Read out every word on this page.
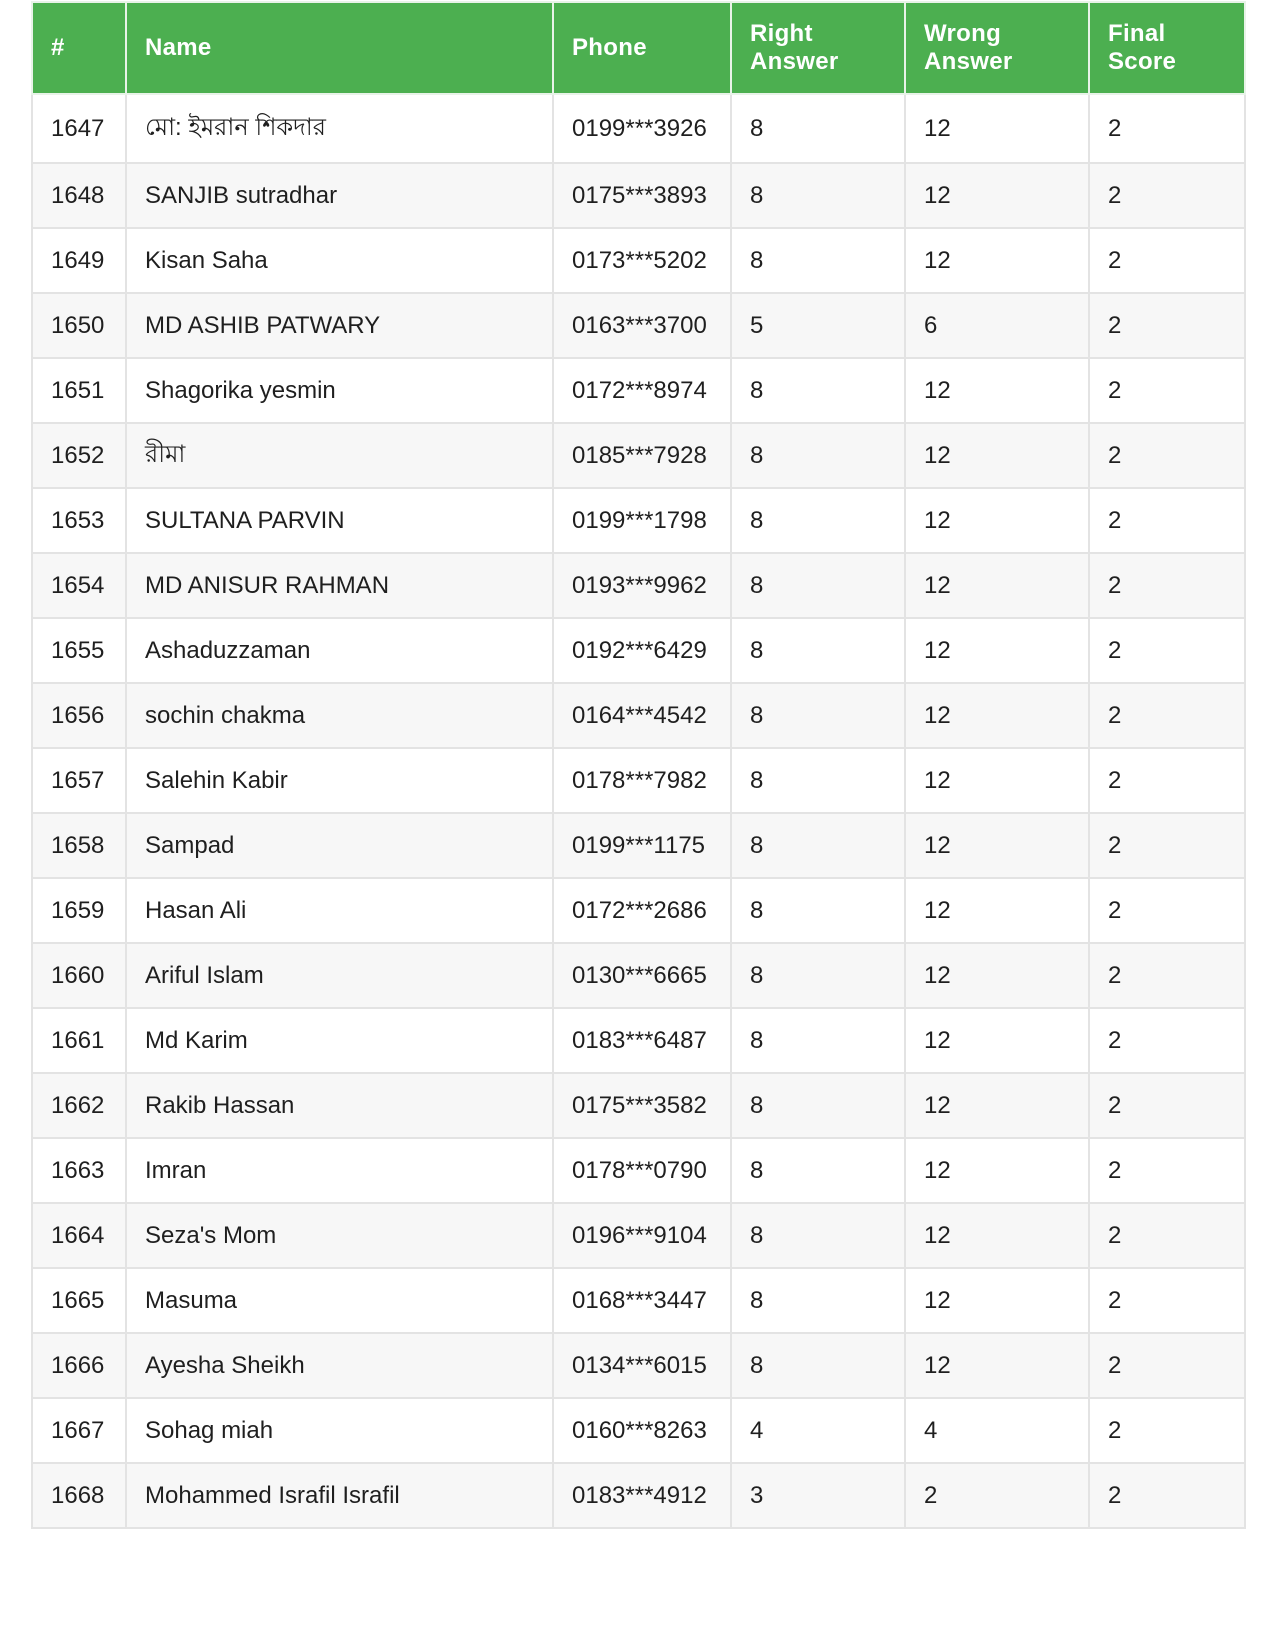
#	Name	Phone	Right Answer	Wrong Answer	Final Score
1647	মো: ইমরান শিকদার	0199***3926	8	12	2
1648	SANJIB sutradhar	0175***3893	8	12	2
1649	Kisan Saha	0173***5202	8	12	2
1650	MD ASHIB PATWARY	0163***3700	5	6	2
1651	Shagorika yesmin	0172***8974	8	12	2
1652	রীমা	0185***7928	8	12	2
1653	SULTANA PARVIN	0199***1798	8	12	2
1654	MD ANISUR RAHMAN	0193***9962	8	12	2
1655	Ashaduzzaman	0192***6429	8	12	2
1656	sochin chakma	0164***4542	8	12	2
1657	Salehin Kabir	0178***7982	8	12	2
1658	Sampad	0199***1175	8	12	2
1659	Hasan Ali	0172***2686	8	12	2
1660	Ariful Islam	0130***6665	8	12	2
1661	Md Karim	0183***6487	8	12	2
1662	Rakib Hassan	0175***3582	8	12	2
1663	Imran	0178***0790	8	12	2
1664	Seza's Mom	0196***9104	8	12	2
1665	Masuma	0168***3447	8	12	2
1666	Ayesha Sheikh	0134***6015	8	12	2
1667	Sohag miah	0160***8263	4	4	2
1668	Mohammed Israfil Israfil	0183***4912	3	2	2
